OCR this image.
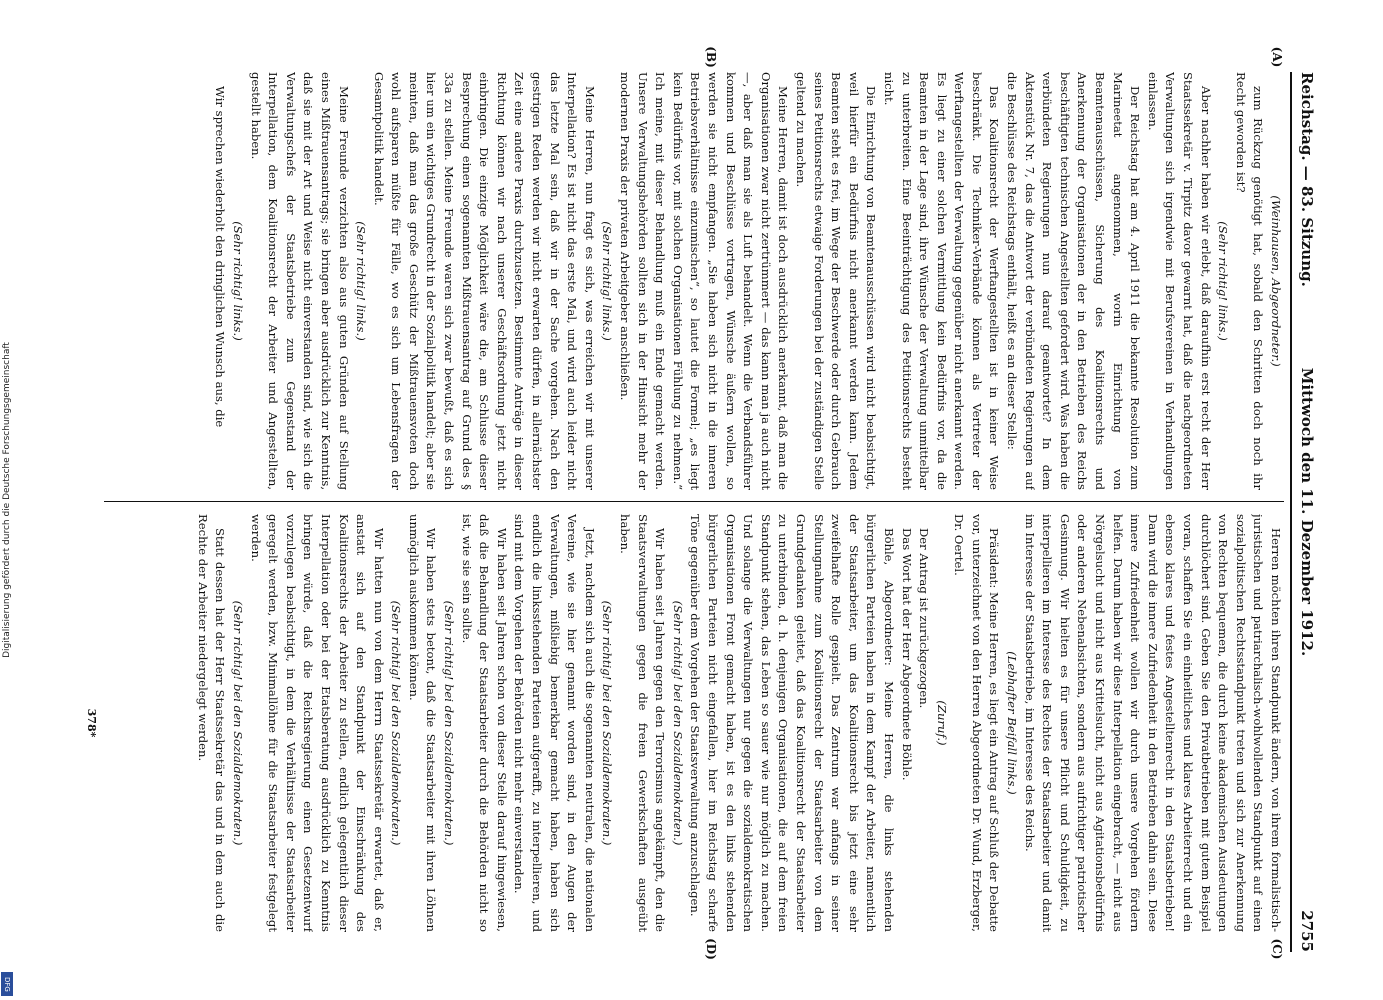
Digitalisierung gefördert durch die Deutsche Forschungsgemeinschaft
DFG
Reichstag. — 83. Sitzung.
Mittwoch den 11. Dezember 1912.
2755
(A)
(B)
(C)
(D)

(Weinhausen, Abgeordneter.)

zum Rückzug genötigt hat, sobald den Schritten doch noch ihr Recht geworden ist?

(Sehr richtig! links.)

Aber nachher haben wir erlebt, daß daraufhin erst recht der Herr Staatssekretär v. Tirpitz davor gewarnt hat, daß die nachgeordneten Verwaltungen sich irgendwie mit Berufsvereinen in Verhandlungen einlassen.

Der Reichstag hat am 4. April 1911 die bekannte Resolution zum Marineetat angenommen, worin Einrichtung von Beamtenausschüssen, Sicherung des Koalitionsrechts und Anerkennung der Organisationen der in den Betrieben des Reichs beschäftigten technischen Angestellten gefordert wird. Was haben die verbündeten Regierungen nun darauf geantwortet? In dem Aktenstück Nr. 7, das die Antwort der verbündeten Regierungen auf die Beschlüsse des Reichstags enthält, heißt es an dieser Stelle:

Das Koalitionsrecht der Werftangestellten ist in keiner Weise beschränkt. Die Techniker-Verbände können als Vertreter der Werftangestellten der Verwaltung gegenüber nicht anerkannt werden. Es liegt zu einer solchen Vermittlung kein Bedürfnis vor, da die Beamten in der Lage sind, ihre Wünsche der Verwaltung unmittelbar zu unterbreiten. Eine Beeinträchtigung des Petitionsrechts besteht nicht.

Die Einrichtung von Beamtenausschüssen wird nicht beabsichtigt, weil hierfür ein Bedürfnis nicht anerkannt werden kann. Jedem Beamten steht es frei, im Wege der Beschwerde oder durch Gebrauch seines Petitionsrechts etwaige Forderungen bei der zuständigen Stelle geltend zu machen.

Meine Herren, damit ist doch ausdrücklich anerkannt, daß man die Organisationen zwar nicht zertrümmert — das kann man ja auch nicht —, aber daß man sie als Luft behandelt. Wenn die Verbandsführer kommen und Beschlüsse vortragen, Wünsche äußern wollen, so werden sie nicht empfangen. „Sie haben sich nicht in die inneren Betriebsverhältnisse einzumischen“, so lautet die Formel; „es liegt kein Bedürfnis vor, mit solchen Organisationen Fühlung zu nehmen.“ Ich meine, mit dieser Behandlung muß ein Ende gemacht werden. Unsere Verwaltungsbehörden sollten sich in der Hinsicht mehr der modernen Praxis der privaten Arbeitgeber anschließen.

(Sehr richtig! links.)

Meine Herren, nun fragt es sich, was erreichen wir mit unserer Interpellation? Es ist nicht das erste Mal, und wird auch leider nicht das letzte Mal sein, daß wir in der Sache vorgehen. Nach den gestrigen Reden werden wir nicht erwarten dürfen, in allernächster Zeit eine andere Praxis durchzusetzen. Bestimmte Anträge in dieser Richtung können wir nach unserer Geschäftsordnung jetzt nicht einbringen. Die einzige Möglichkeit wäre die, am Schlusse dieser Besprechung einen sogenannten Mißtrauensantrag auf Grund des § 33a zu stellen. Meine Freunde waren sich zwar bewußt, daß es sich hier um ein wichtiges Grundrecht in der Sozialpolitik handelt; aber sie meinten, daß man das große Geschütz der Mißtrauensvoten doch wohl aufsparen müßte für Fälle, wo es sich um Lebensfragen der Gesamtpolitik handelt.

(Sehr richtig! links.)

Meine Freunde verzichten also aus guten Gründen auf Stellung eines Mißtrauensantrags; sie bringen aber ausdrücklich zur Kenntnis, daß sie mit der Art und Weise nicht einverstanden sind, wie sich die Verwaltungschefs der Staatsbetriebe zum Gegenstand der Interpellation, dem Koalitionsrecht der Arbeiter und Angestellten, gestellt haben.

(Sehr richtig! links.)

Wir sprechen wiederholt den dringlichen Wunsch aus, die

Herren möchten ihren Standpunkt ändern, von ihrem formalistisch-juristischen und patriarchalisch-wohlwollenden Standpunkt auf einen sozialpolitischen Rechtsstandpunkt treten und sich zur Anerkennung von Rechten bequemen, die durch keine akademischen Ausdeutungen durchlöchert sind. Geben Sie den Privatbetrieben mit gutem Beispiel voran, schaffen Sie ein einheitliches und klares Arbeiterrecht und ein ebenso klares und festes Angestelltenrecht in den Staatsbetrieben! Dann wird die innere Zufriedenheit in den Betrieben dahin sein. Diese innere Zufriedenheit wollen wir durch unsere Vorgehen fördern helfen. Darum haben wir diese Interpellation eingebracht, — nicht aus Nörgelsucht und nicht aus Krittelsucht, nicht aus Agitationsbedürfnis oder anderen Nebenabsichten, sondern aus aufrichtiger patriotischer Gesinnung. Wir hielten es für unsere Pflicht und Schuldigkeit, zu interpellieren im Interesse des Rechtes der Staatsarbeiter und damit im Interesse der Staatsbetriebe, im Interesse des Reichs.

(Lebhafter Beifall links.)

Präsident: Meine Herren, es liegt ein Antrag auf Schluß der Debatte vor, unterzeichnet von den Herren Abgeordneten Dr. Wund, Erzberger, Dr. Oertel.

(Zuruf.)

Der Antrag ist zurückgezogen.

Das Wort hat der Herr Abgeordnete Böhle.

Böhle, Abgeordneter: Meine Herren, die links stehenden bürgerlichen Parteien haben in dem Kampf der Arbeiter, namentlich der Staatsarbeiter, um das Koalitionsrecht bis jetzt eine sehr zweifelhafte Rolle gespielt. Das Zentrum war anfangs in seiner Stellungnahme zum Koalitionsrecht der Staatsarbeiter von dem Grundgedanken geleitet, daß das Koalitionsrecht der Staatsarbeiter zu unterbinden, d. h. denjenigen Organisationen, die auf dem freien Standpunkt stehen, das Leben so sauer wie nur möglich zu machen. Und solange die Verwaltungen nur gegen die sozialdemokratischen Organisationen Front gemacht haben, ist es den links stehenden bürgerlichen Parteien nicht eingefallen, hier im Reichstag scharfe Töne gegenüber dem Vorgehen der Staatsverwaltung anzuschlagen.

(Sehr richtig! bei den Sozialdemokraten.)

Wir haben seit Jahren gegen den Terrorismus angekämpft, den die Staatsverwaltungen gegen die freien Gewerkschaften ausgeübt haben.

(Sehr richtig! bei den Sozialdemokraten.)

Jetzt, nachdem sich auch die sogenannten neutralen, die nationalen Vereine, wie sie hier genannt worden sind, in den Augen der Verwaltungen, mißliebig bemerkbar gemacht haben, haben sich endlich die linksstehenden Parteien aufgerafft, zu interpellieren, und sind mit dem Vorgehen der Behörden nicht mehr einverstanden.

Wir haben seit Jahren schon von dieser Stelle darauf hingewiesen, daß die Behandlung der Staatsarbeiter durch die Behörden nicht so ist, wie sie sein sollte.

(Sehr richtig! bei den Sozialdemokraten.)

Wir haben stets betont, daß die Staatsarbeiter mit ihren Löhnen unmöglich auskommen können.

(Sehr richtig! bei den Sozialdemokraten.)

Wir hatten nun von dem Herrn Staatssekretär erwartet, daß er, anstatt sich auf den Standpunkt der Einschränkung des Koalitionsrechts der Arbeiter zu stellen, endlich gelegentlich dieser Interpellation oder bei der Etatsberatung ausdrücklich zu Kenntnis bringen würde, daß die Reichsregierung einen Gesetzentwurf vorzulegen beabsichtigt, in dem die Verhältnisse der Staatsarbeiter geregelt werden, bzw. Minimallöhne für die Staatsarbeiter festgelegt werden.

(Sehr richtig! bei den Sozialdemokraten.)

Statt dessen hat der Herr Staatssekretär das und in dem auch die Rechte der Arbeiter niedergelegt werden.

378*
